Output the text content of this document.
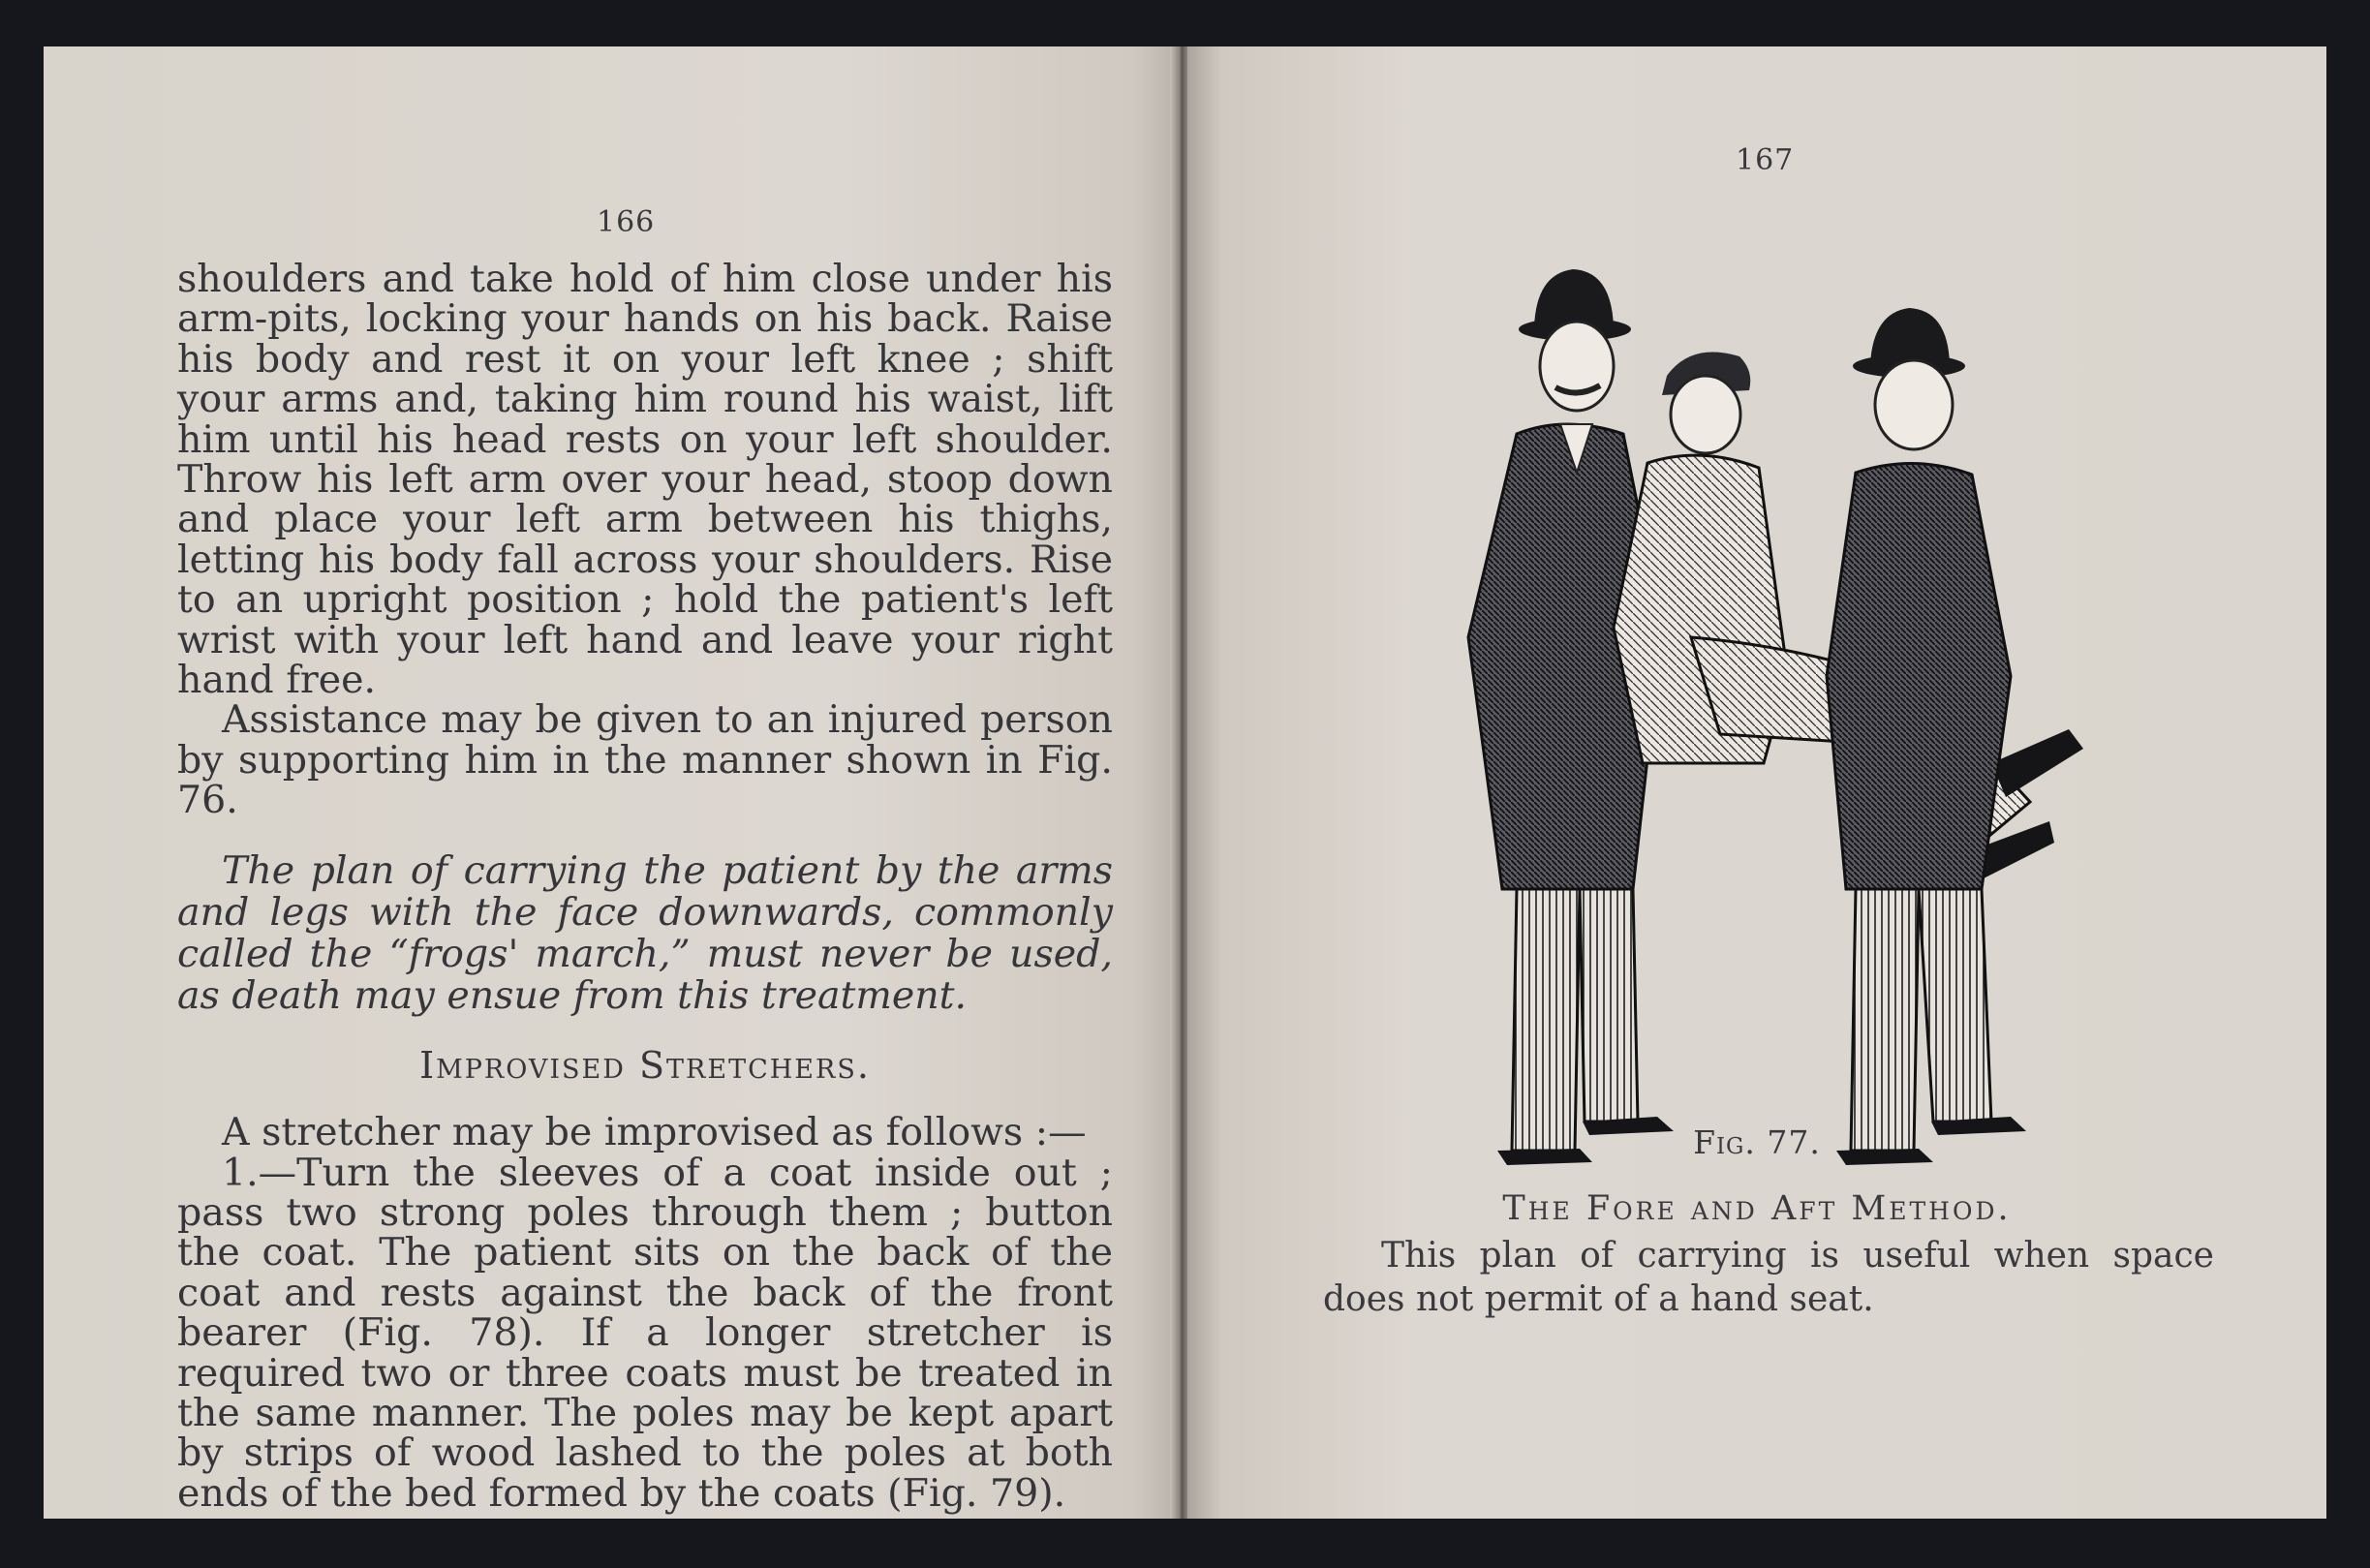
166

shoulders and take hold of him close under his arm-pits, locking your hands on his back. Raise his body and rest it on your left knee ; shift your arms and, taking him round his waist, lift him until his head rests on your left shoulder. Throw his left arm over your head, stoop down and place your left arm between his thighs, letting his body fall across your shoulders. Rise to an upright position ; hold the patient's left wrist with your left hand and leave your right hand free.

Assistance may be given to an injured person by supporting him in the manner shown in Fig. 76.

The plan of carrying the patient by the arms and legs with the face downwards, commonly called the “frogs' march,” must never be used, as death may ensue from this treatment.

Improvised Stretchers.

A stretcher may be improvised as follows :—

1.—Turn the sleeves of a coat inside out ; pass two strong poles through them ; button the coat. The patient sits on the back of the coat and rests against the back of the front bearer (Fig. 78). If a longer stretcher is required two or three coats must be treated in the same manner. The poles may be kept apart by strips of wood lashed to the poles at both ends of the bed formed by the coats (Fig. 79).

167
Fig. 77.
The Fore and Aft Method.

This plan of carrying is useful when space does not permit of a hand seat.
